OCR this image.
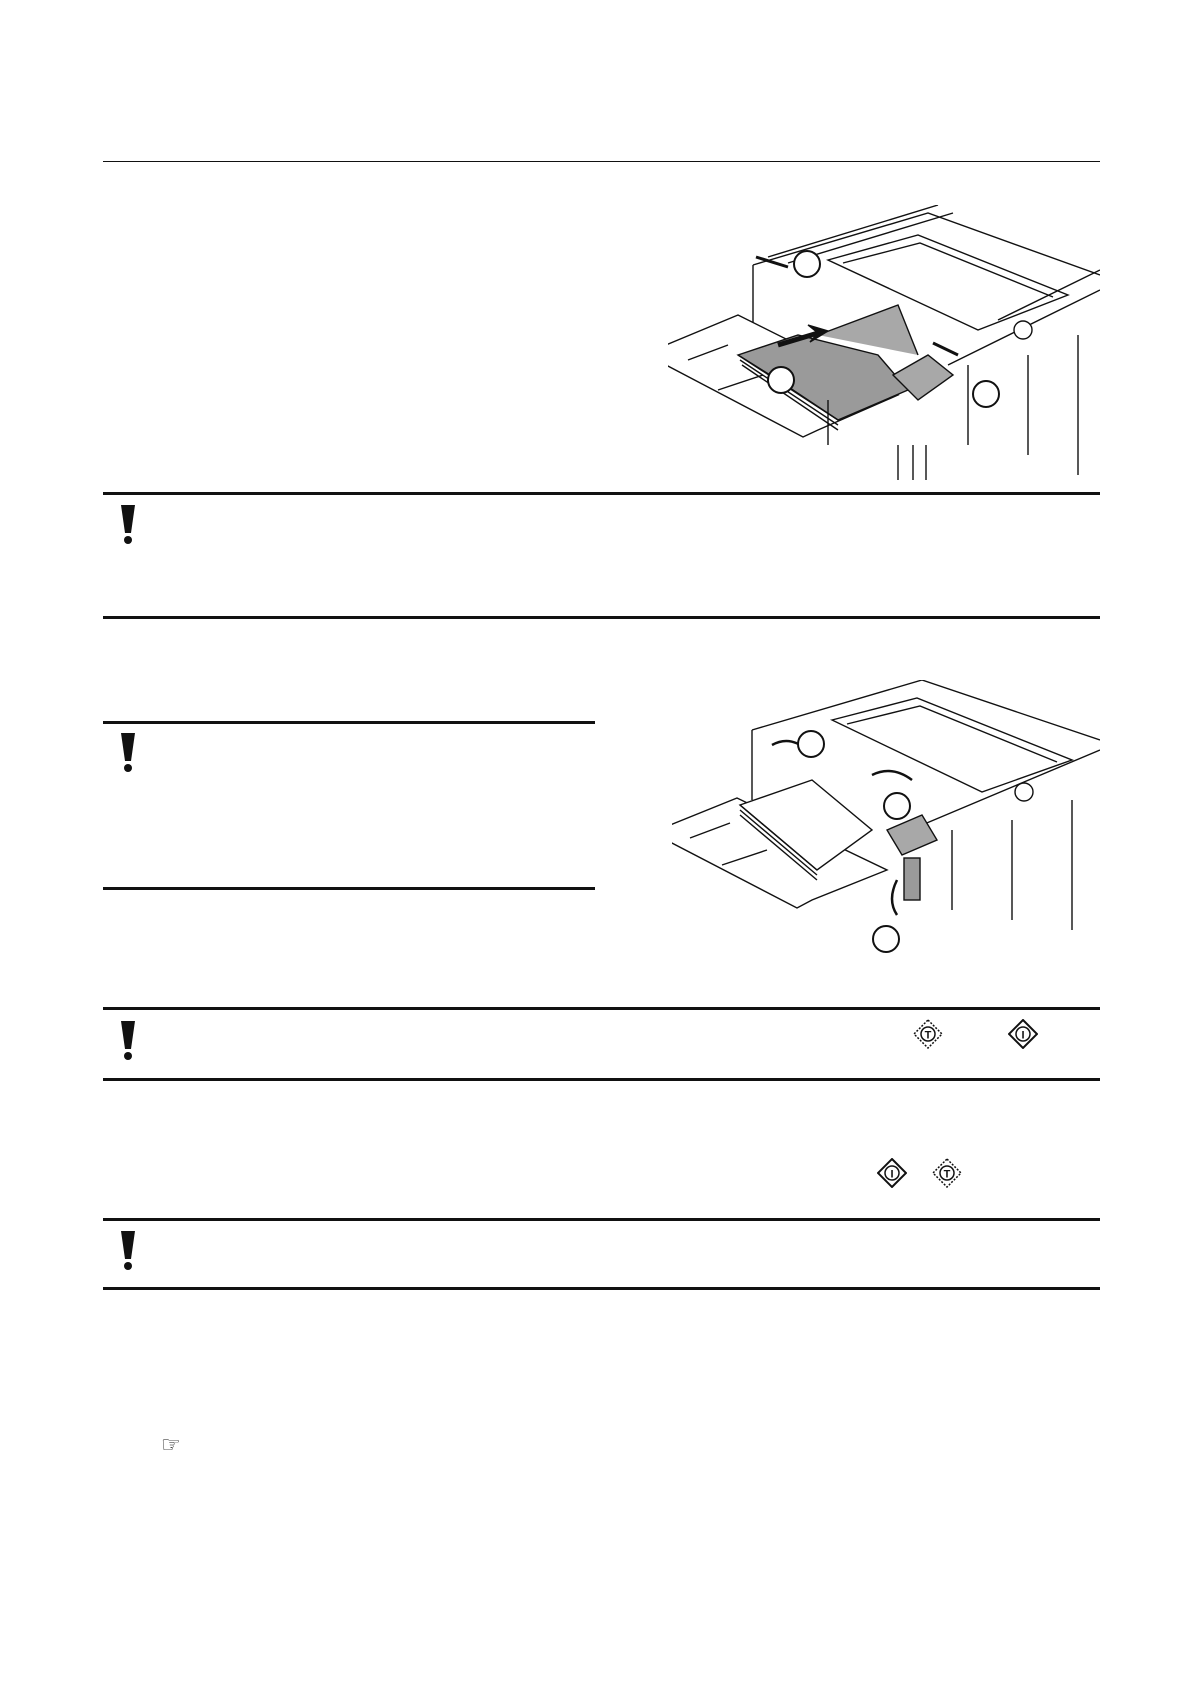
T	I
I	T
☞
